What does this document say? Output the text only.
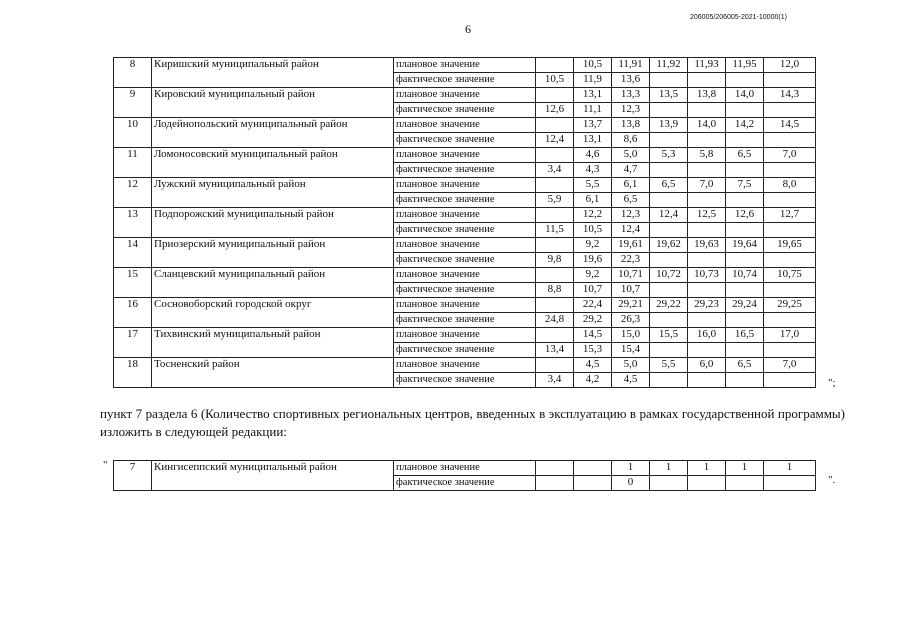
6
206005/206005-2021-10000(1)
8	Киришский муниципальный район	плановое значение		10,5	11,91	11,92	11,93	11,95	12,0
		фактическое значение	10,5	11,9	13,6				
9	Кировский муниципальный район	плановое значение		13,1	13,3	13,5	13,8	14,0	14,3
		фактическое значение	12,6	11,1	12,3				
10	Лодейнопольский муниципальный район	плановое значение		13,7	13,8	13,9	14,0	14,2	14,5
		фактическое значение	12,4	13,1	8,6				
11	Ломоносовский муниципальный район	плановое значение		4,6	5,0	5,3	5,8	6,5	7,0
		фактическое значение	3,4	4,3	4,7				
12	Лужский муниципальный район	плановое значение		5,5	6,1	6,5	7,0	7,5	8,0
		фактическое значение	5,9	6,1	6,5				
13	Подпорожский муниципальный район	плановое значение		12,2	12,3	12,4	12,5	12,6	12,7
		фактическое значение	11,5	10,5	12,4				
14	Приозерский муниципальный район	плановое значение		9,2	19,61	19,62	19,63	19,64	19,65
		фактическое значение	9,8	19,6	22,3				
15	Сланцевский муниципальный район	плановое значение		9,2	10,71	10,72	10,73	10,74	10,75
		фактическое значение	8,8	10,7	10,7				
16	Сосновоборский городской округ	плановое значение		22,4	29,21	29,22	29,23	29,24	29,25
		фактическое значение	24,8	29,2	26,3				
17	Тихвинский муниципальный район	плановое значение		14,5	15,0	15,5	16,0	16,5	17,0
		фактическое значение	13,4	15,3	15,4				
18	Тосненский район	плановое значение		4,5	5,0	5,5	6,0	6,5	7,0
		фактическое значение	3,4	4,2	4,5					";
пункт 7 раздела 6 (Количество спортивных региональных центров, введенных в эксплуатацию в рамках государственной программы) изложить в следующей редакции:
" 7	Кингисеппский муниципальный район	плановое значение			1	1	1	1	1
		фактическое значение			0					".
